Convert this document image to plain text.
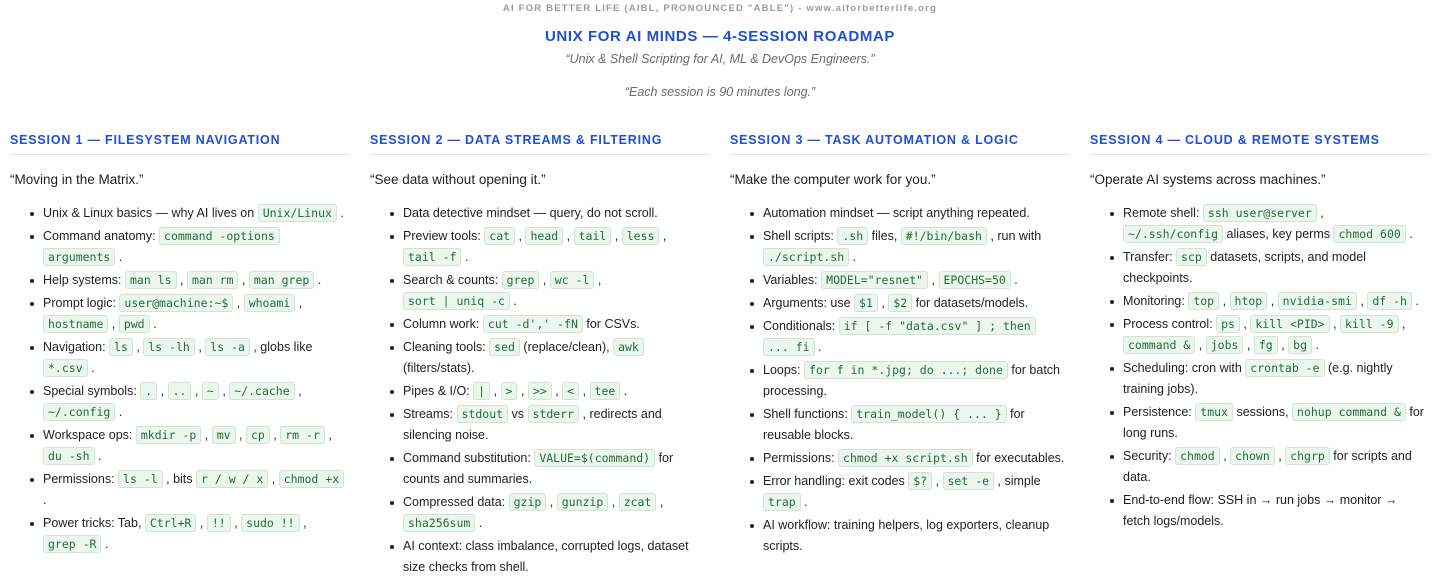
AI FOR BETTER LIFE (AIBL, PRONOUNCED "ABLE") - www.aiforbetterlife.org
UNIX FOR AI MINDS — 4-SESSION ROADMAP
“Unix & Shell Scripting for AI, ML & DevOps Engineers.”
“Each session is 90 minutes long.”
SESSION 1 — FILESYSTEM NAVIGATION
“Moving in the Matrix.”
Unix & Linux basics — why AI lives on Unix/Linux .
Command anatomy: command -options arguments .
Help systems: man ls , man rm , man grep .
Prompt logic: user@machine:~$ , whoami , hostname , pwd .
Navigation: ls , ls -lh , ls -a , globs like *.csv .
Special symbols: . , .. , ~ , ~/.cache , ~/.config .
Workspace ops: mkdir -p , mv , cp , rm -r , du -sh .
Permissions: ls -l , bits r / w / x , chmod +x .
Power tricks: Tab, Ctrl+R , !! , sudo !! , grep -R .
SESSION 2 — DATA STREAMS & FILTERING
“See data without opening it.”
Data detective mindset — query, do not scroll.
Preview tools: cat , head , tail , less , tail -f .
Search & counts: grep , wc -l , sort | uniq -c .
Column work: cut -d',' -fN for CSVs.
Cleaning tools: sed (replace/clean), awk (filters/stats).
Pipes & I/O: | , > , >> , < , tee .
Streams: stdout vs stderr , redirects and silencing noise.
Command substitution: VALUE=$(command) for counts and summaries.
Compressed data: gzip , gunzip , zcat , sha256sum .
AI context: class imbalance, corrupted logs, dataset size checks from shell.
SESSION 3 — TASK AUTOMATION & LOGIC
“Make the computer work for you.”
Automation mindset — script anything repeated.
Shell scripts: .sh files, #!/bin/bash , run with ./script.sh .
Variables: MODEL="resnet" , EPOCHS=50 .
Arguments: use $1 , $2 for datasets/models.
Conditionals: if [ -f "data.csv" ] ; then ... fi .
Loops: for f in *.jpg; do ...; done for batch processing.
Shell functions: train_model() { ... } for reusable blocks.
Permissions: chmod +x script.sh for executables.
Error handling: exit codes $? , set -e , simple trap .
AI workflow: training helpers, log exporters, cleanup scripts.
SESSION 4 — CLOUD & REMOTE SYSTEMS
“Operate AI systems across machines.”
Remote shell: ssh user@server , ~/.ssh/config aliases, key perms chmod 600 .
Transfer: scp datasets, scripts, and model checkpoints.
Monitoring: top , htop , nvidia-smi , df -h .
Process control: ps , kill <PID> , kill -9 , command & , jobs , fg , bg .
Scheduling: cron with crontab -e (e.g. nightly training jobs).
Persistence: tmux sessions, nohup command & for long runs.
Security: chmod , chown , chgrp for scripts and data.
End-to-end flow: SSH in → run jobs → monitor → fetch logs/models.
